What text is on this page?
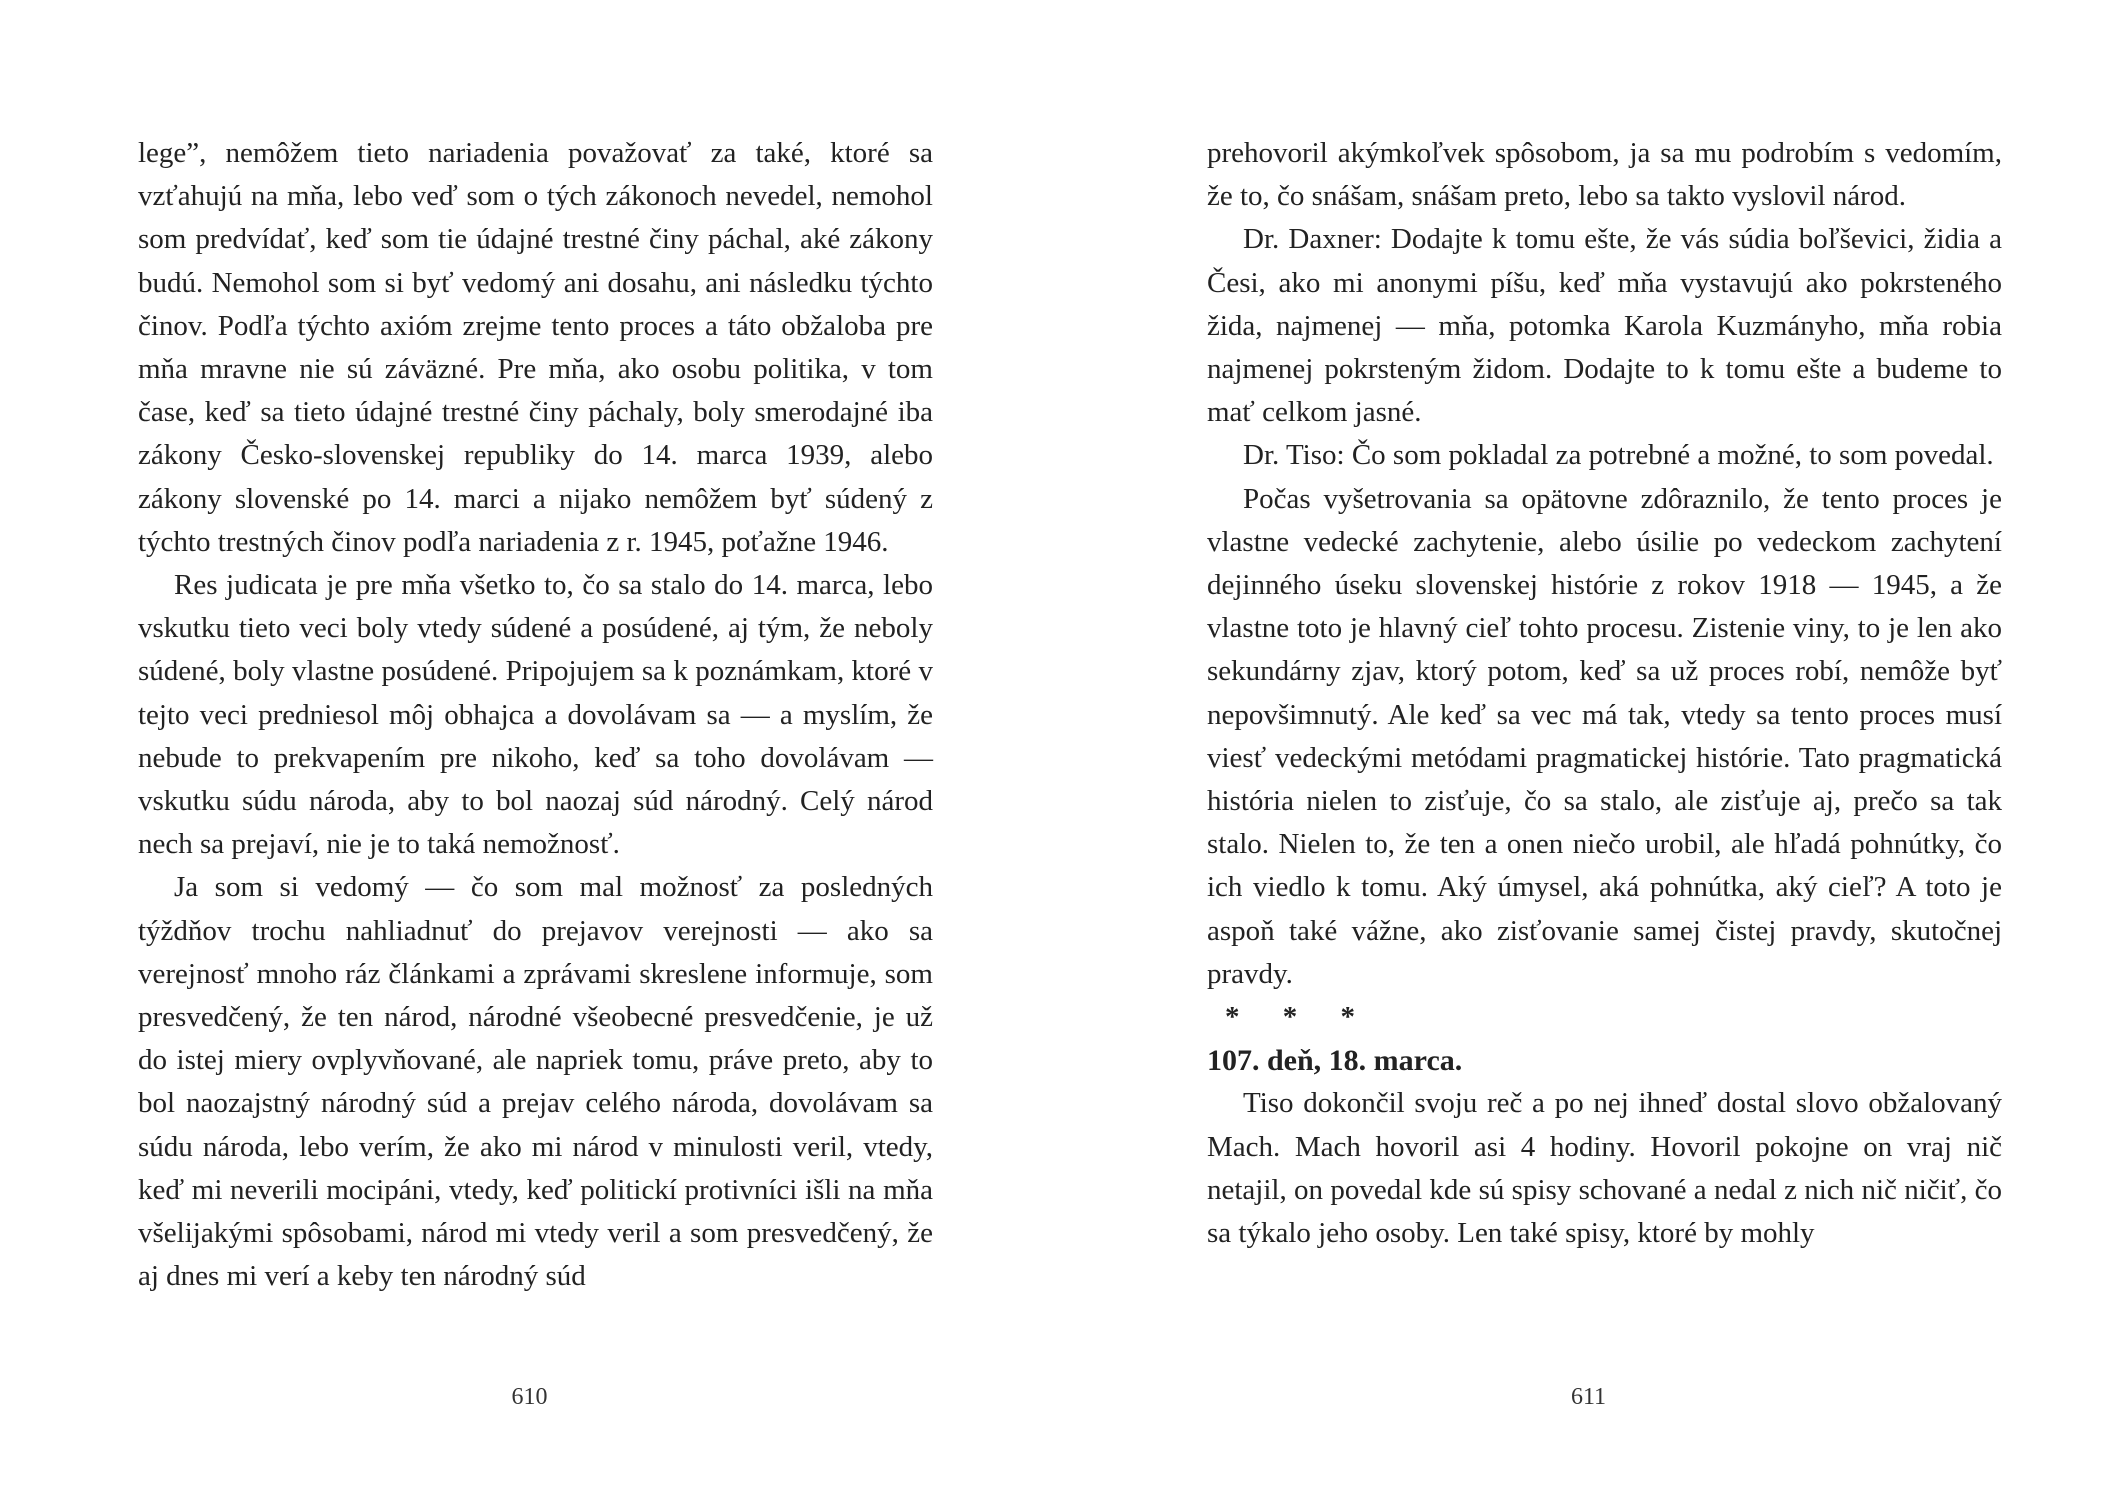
lege”, nemôžem tieto nariadenia považovať za také, ktoré sa vzťahujú na mňa, lebo veď som o tých zákonoch nevedel, nemohol som predvídať, keď som tie údajné trestné činy páchal, aké zákony budú. Nemohol som si byť vedomý ani dosahu, ani následku týchto činov. Podľa týchto axióm zrejme tento proces a táto obžaloba pre mňa mravne nie sú záväzné. Pre mňa, ako osobu politika, v tom čase, keď sa tieto údajné trestné činy páchaly, boly smerodajné iba zákony Česko-slovenskej republiky do 14. marca 1939, alebo zákony slovenské po 14. marci a nijako nemôžem byť súdený z týchto trestných činov podľa nariadenia z r. 1945, poťažne 1946.

Res judicata je pre mňa všetko to, čo sa stalo do 14. marca, lebo vskutku tieto veci boly vtedy súdené a posúdené, aj tým, že neboly súdené, boly vlastne posúdené. Pripojujem sa k poznámkam, ktoré v tejto veci predniesol môj obhajca a dovolávam sa — a myslím, že nebude to prekvapením pre nikoho, keď sa toho dovolávam — vskutku súdu národa, aby to bol naozaj súd národný. Celý národ nech sa prejaví, nie je to taká nemožnosť.

Ja som si vedomý — čo som mal možnosť za posledných týždňov trochu nahliadnuť do prejavov verejnosti — ako sa verejnosť mnoho ráz článkami a zprávami skreslene informuje, som presvedčený, že ten národ, národné všeobecné presvedčenie, je už do istej miery ovplyvňované, ale napriek tomu, práve preto, aby to bol naozajstný národný súd a prejav celého národa, dovolávam sa súdu národa, lebo verím, že ako mi národ v minulosti veril, vtedy, keď mi neverili mocipáni, vtedy, keď politickí protivníci išli na mňa všelijakými spôsobami, národ mi vtedy veril a som presvedčený, že aj dnes mi verí a keby ten národný súd

610

prehovoril akýmkoľvek spôsobom, ja sa mu podrobím s vedomím, že to, čo snášam, snášam preto, lebo sa takto vyslovil národ.

Dr. Daxner: Dodajte k tomu ešte, že vás súdia boľševici, židia a Česi, ako mi anonymi píšu, keď mňa vystavujú ako pokrsteného žida, najmenej — mňa, potomka Karola Kuzmányho, mňa robia najmenej pokrsteným židom. Dodajte to k tomu ešte a budeme to mať celkom jasné.

Dr. Tiso: Čo som pokladal za potrebné a možné, to som povedal.

Počas vyšetrovania sa opätovne zdôraznilo, že tento proces je vlastne vedecké zachytenie, alebo úsilie po vedeckom zachytení dejinného úseku slovenskej histórie z rokov 1918 — 1945, a že vlastne toto je hlavný cieľ tohto procesu. Zistenie viny, to je len ako sekundárny zjav, ktorý potom, keď sa už proces robí, nemôže byť nepovšimnutý. Ale keď sa vec má tak, vtedy sa tento proces musí viesť vedeckými metódami pragmatickej histórie. Tato pragmatická história nielen to zisťuje, čo sa stalo, ale zisťuje aj, prečo sa tak stalo. Nielen to, že ten a onen niečo urobil, ale hľadá pohnútky, čo ich viedlo k tomu. Aký úmysel, aká pohnútka, aký cieľ? A toto je aspoň také vážne, ako zisťovanie samej čistej pravdy, skutočnej pravdy.

* * *

107. deň, 18. marca.

Tiso dokončil svoju reč a po nej ihneď dostal slovo obžalovaný Mach. Mach hovoril asi 4 hodiny. Hovoril pokojne on vraj nič netajil, on povedal kde sú spisy schované a nedal z nich nič ničiť, čo sa týkalo jeho osoby. Len také spisy, ktoré by mohly

611
